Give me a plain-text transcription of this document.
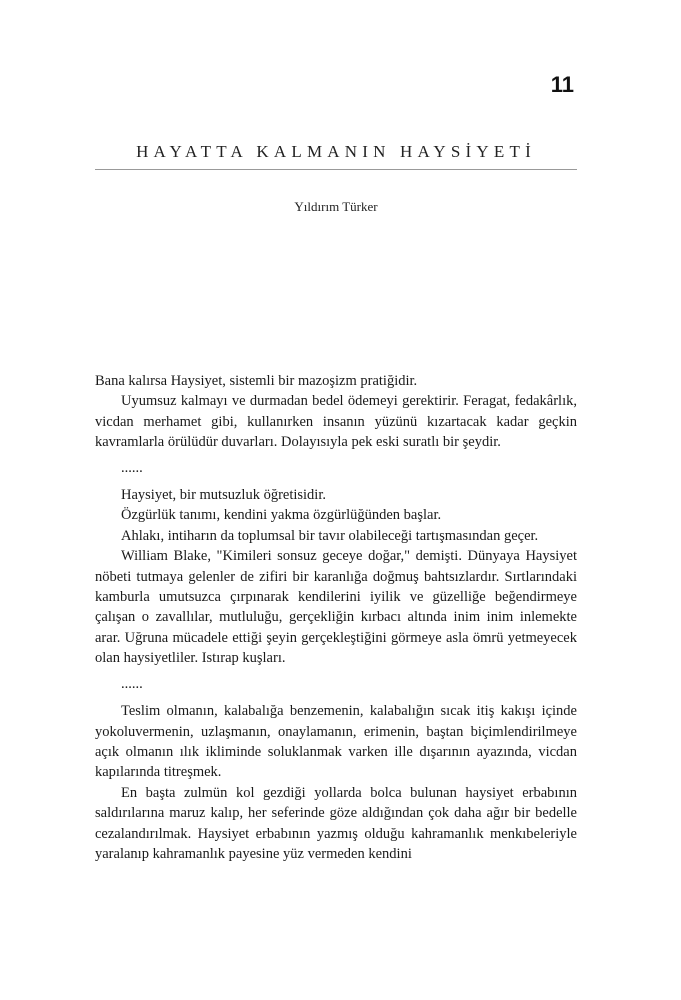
11
HAYATTA KALMANIN HAYSİYETİ
Yıldırım Türker

Bana kalırsa Haysiyet, sistemli bir mazoşizm pratiğidir.

Uyumsuz kalmayı ve durmadan bedel ödemeyi gerektirir. Feragat, fedakârlık, vicdan merhamet gibi, kullanırken insanın yüzünü kızartacak kadar geçkin kavramlarla örülüdür duvarları. Dolayısıyla pek eski suratlı bir şeydir.

......

Haysiyet, bir mutsuzluk öğretisidir.

Özgürlük tanımı, kendini yakma özgürlüğünden başlar.

Ahlakı, intiharın da toplumsal bir tavır olabileceği tartışmasından geçer.

William Blake, "Kimileri sonsuz geceye doğar," demişti. Dünyaya Haysiyet nöbeti tutmaya gelenler de zifiri bir karanlığa doğmuş bahtsızlardır. Sırtlarındaki kamburla umutsuzca çırpınarak kendilerini iyilik ve güzelliğe beğendirmeye çalışan o zavallılar, mutluluğu, gerçekliğin kırbacı altında inim inim inlemekte arar. Uğruna mücadele ettiği şeyin gerçekleştiğini görmeye asla ömrü yetmeyecek olan haysiyetliler. Istırap kuşları.

......

Teslim olmanın, kalabalığa benzemenin, kalabalığın sıcak itiş kakışı içinde yokoluvermenin, uzlaşmanın, onaylamanın, erimenin, baştan biçimlendirilmeye açık olmanın ılık ikliminde soluklanmak varken ille dışarının ayazında, vicdan kapılarında titreşmek.

En başta zulmün kol gezdiği yollarda bolca bulunan haysiyet erbabının saldırılarına maruz kalıp, her seferinde göze aldığından çok daha ağır bir bedelle cezalandırılmak. Haysiyet erbabının yazmış olduğu kahramanlık menkıbeleriyle yaralanıp kahramanlık payesine yüz vermeden kendini
